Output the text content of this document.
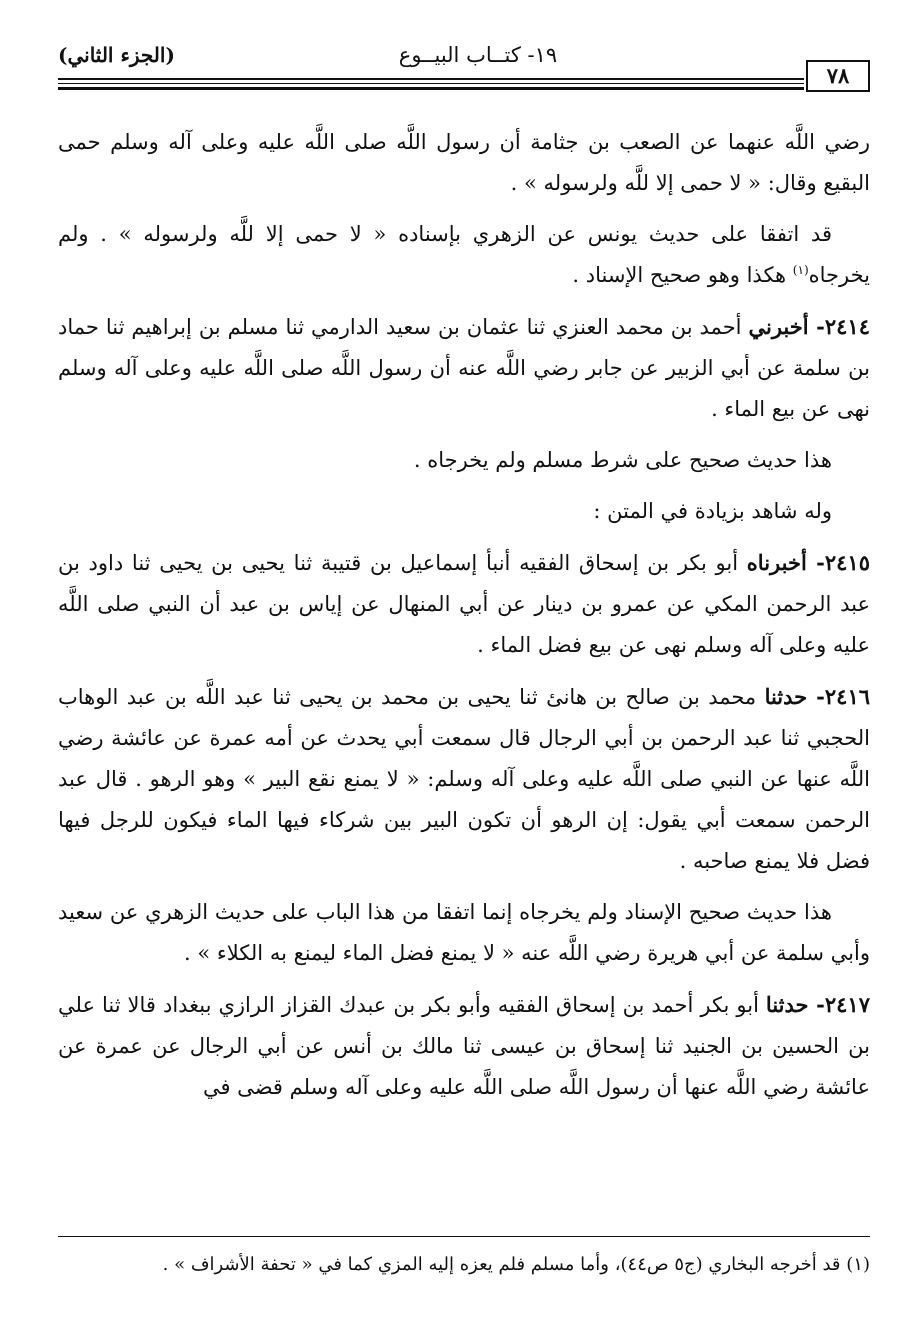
٧٨
١٩- كتــاب البيــوع
(الجزء الثاني)

رضي اللَّه عنهما عن الصعب بن جثامة أن رسول اللَّه صلى اللَّه عليه وعلى آله وسلم حمى البقيع وقال: « لا حمى إلا للَّه ولرسوله » .

قد اتفقا على حديث يونس عن الزهري بإسناده « لا حمى إلا للَّه ولرسوله » . ولم يخرجاه$^{(١)}$ هكذا وهو صحيح الإسناد .

٢٤١٤- أخبرني أحمد بن محمد العنزي ثنا عثمان بن سعيد الدارمي ثنا مسلم بن إبراهيم ثنا حماد بن سلمة عن أبي الزبير عن جابر رضي اللَّه عنه أن رسول اللَّه صلى اللَّه عليه وعلى آله وسلم نهى عن بيع الماء .

هذا حديث صحيح على شرط مسلم ولم يخرجاه .

وله شاهد بزيادة في المتن :

٢٤١٥- أخبرناه أبو بكر بن إسحاق الفقيه أنبأ إسماعيل بن قتيبة ثنا يحيى بن يحيى ثنا داود بن عبد الرحمن المكي عن عمرو بن دينار عن أبي المنهال عن إياس بن عبد أن النبي صلى اللَّه عليه وعلى آله وسلم نهى عن بيع فضل الماء .

٢٤١٦- حدثنا محمد بن صالح بن هانئ ثنا يحيى بن محمد بن يحيى ثنا عبد اللَّه بن عبد الوهاب الحجبي ثنا عبد الرحمن بن أبي الرجال قال سمعت أبي يحدث عن أمه عمرة عن عائشة رضي اللَّه عنها عن النبي صلى اللَّه عليه وعلى آله وسلم: « لا يمنع نقع البير » وهو الرهو . قال عبد الرحمن سمعت أبي يقول: إن الرهو أن تكون البير بين شركاء فيها الماء فيكون للرجل فيها فضل فلا يمنع صاحبه .

هذا حديث صحيح الإسناد ولم يخرجاه إنما اتفقا من هذا الباب على حديث الزهري عن سعيد وأبي سلمة عن أبي هريرة رضي اللَّه عنه « لا يمنع فضل الماء ليمنع به الكلاء » .

٢٤١٧- حدثنا أبو بكر أحمد بن إسحاق الفقيه وأبو بكر بن عبدك القزاز الرازي ببغداد قالا ثنا علي بن الحسين بن الجنيد ثنا إسحاق بن عيسى ثنا مالك بن أنس عن أبي الرجال عن عمرة عن عائشة رضي اللَّه عنها أن رسول اللَّه صلى اللَّه عليه وعلى آله وسلم قضى في

(١) قد أخرجه البخاري (ج٥ ص٤٤)، وأما مسلم فلم يعزه إليه المزي كما في « تحفة الأشراف » .
